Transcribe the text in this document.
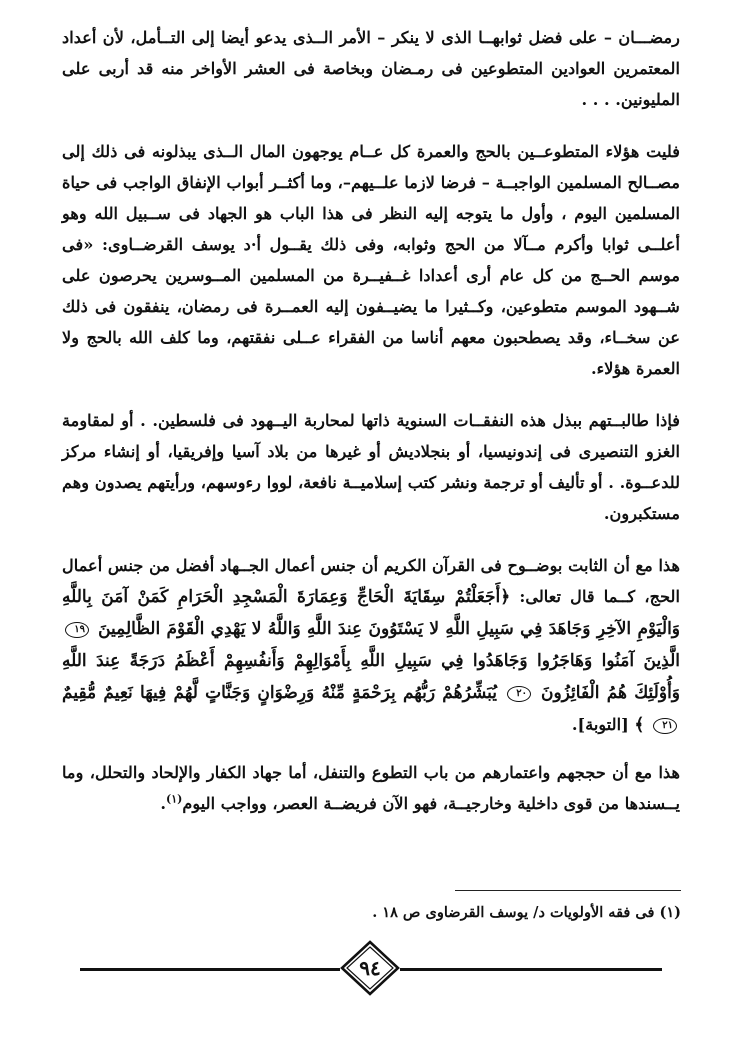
رمضـــان – على فضل ثوابهــا الذى لا ينكر – الأمر الــذى يدعو أيضا إلى التــأمل، لأن أعداد المعتمرين العوادين المتطوعين فى رمـضان وبخاصة فى العشر الأواخر منه قد أربى على المليونين. . . .

فليت هؤلاء المتطوعــين بالحج والعمرة كل عــام يوجهون المال الــذى يبذلونه فى ذلك إلى مصــالح المسلمين الواجبــة – فرضا لازما علــيهم–، وما أكثــر أبواب الإنفاق الواجب فى حياة المسلمين اليوم ، وأول ما يتوجه إليه النظر فى هذا الباب هو الجهاد فى ســبيل الله وهو أعلــى ثوابا وأكرم مــآلا من الحج وثوابه، وفى ذلك يقــول أ·د يوسف القرضــاوى: «فى موسم الحــج من كل عام أرى أعدادا غــفيــرة من المسلمين المــوسرين يحرصون على شــهود الموسم متطوعين، وكــثيرا ما يضيــفون إليه العمــرة فى رمضان، ينفقون فى ذلك عن سخــاء، وقد يصطحبون معهم أناسا من الفقراء عــلى نفقتهم، وما كلف الله بالحج ولا العمرة هؤلاء.

فإذا طالبــتهم ببذل هذه النفقــات السنوية ذاتها لمحاربة اليــهود فى فلسطين. . أو لمقاومة الغزو التنصيرى فى إندونيسيا، أو بنجلاديش أو غيرها من بلاد آسيا وإفريقيا، أو إنشاء مركز للدعــوة. . أو تأليف أو ترجمة ونشر كتب إسلاميــة نافعة، لووا رءوسهم، ورأيتهم يصدون وهم مستكبرون.

هذا مع أن الثابت بوضــوح فى القرآن الكريم أن جنس أعمال الجــهاد أفضل من جنس أعمال الحج، كــما قال تعالى: ﴿أَجَعَلْتُمْ سِقَايَةَ الْحَاجِّ وَعِمَارَةَ الْمَسْجِدِ الْحَرَامِ كَمَنْ آمَنَ بِاللَّهِ وَالْيَوْمِ الآخِرِ وَجَاهَدَ فِي سَبِيلِ اللَّهِ لا يَسْتَوُونَ عِندَ اللَّهِ وَاللَّهُ لا يَهْدِي الْقَوْمَ الظَّالِمِينَ ١٩ الَّذِينَ آمَنُوا وَهَاجَرُوا وَجَاهَدُوا فِي سَبِيلِ اللَّهِ بِأَمْوَالِهِمْ وَأَنفُسِهِمْ أَعْظَمُ دَرَجَةً عِندَ اللَّهِ وَأُوْلَئِكَ هُمُ الْفَائِزُونَ ٢٠ يُبَشِّرُهُمْ رَبُّهُم بِرَحْمَةٍ مِّنْهُ وَرِضْوَانٍ وَجَنَّاتٍ لَّهُمْ فِيهَا نَعِيمٌ مُّقِيمٌ ٢١ ﴾ [التوبة].

هذا مع أن حججهم واعتمارهم من باب التطوع والتنفل، أما جهاد الكفار والإلحاد والتحلل، وما يــسندها من قوى داخلية وخارجيــة، فهو الآن فريضــة العصر، وواجب اليوم$^{(١)}$.

(١) فى فقه الأولويات د/ يوسف القرضاوى ص ١٨ .

٩٤
